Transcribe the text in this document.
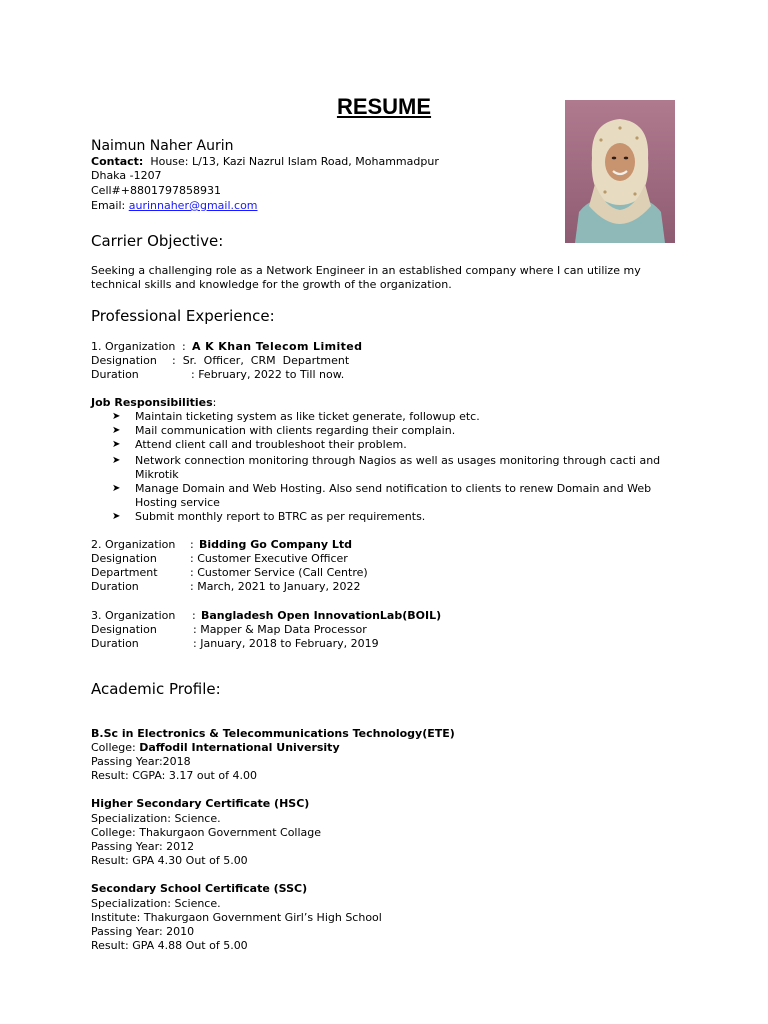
RESUME
Naimun Naher Aurin
Contact: House: L/13, Kazi Nazrul Islam Road, Mohammadpur
Dhaka -1207
Cell#+8801797858931
Email: aurinnaher@gmail.com
Carrier Objective:
Seeking a challenging role as a Network Engineer in an established company where I can utilize my technical skills and knowledge for the growth of the organization.
Professional Experience:
1. Organization : A K Khan Telecom Limited
Designation :  Sr.  Officer,  CRM  Department
Duration	: February, 2022 to Till now.
Job Responsibilities:
➤ Maintain ticketing system as like ticket generate, followup etc.
➤ Mail communication with clients regarding their complain.
➤ Attend client call and troubleshoot their problem.
➤ Network connection monitoring through Nagios as well as usages monitoring through cacti and Mikrotik
➤ Manage Domain and Web Hosting. Also send notification to clients to renew Domain and Web Hosting service
➤ Submit monthly report to BTRC as per requirements.
2. Organization : Bidding Go Company Ltd
Designation	: Customer Executive Officer
Department	: Customer Service (Call Centre)
Duration	: March, 2021 to January, 2022
3. Organization : Bangladesh Open InnovationLab(BOIL)
Designation	: Mapper & Map Data Processor
Duration	: January, 2018 to February, 2019
Academic Profile:
B.Sc in Electronics & Telecommunications Technology(ETE)
College: Daffodil International University
Passing Year:2018
Result: CGPA: 3.17 out of 4.00
Higher Secondary Certificate (HSC)
Specialization: Science.
College: Thakurgaon Government Collage
Passing Year: 2012
Result: GPA 4.30 Out of 5.00
Secondary School Certificate (SSC)
Specialization: Science.
Institute: Thakurgaon Government Girl’s High School
Passing Year: 2010
Result: GPA 4.88 Out of 5.00
